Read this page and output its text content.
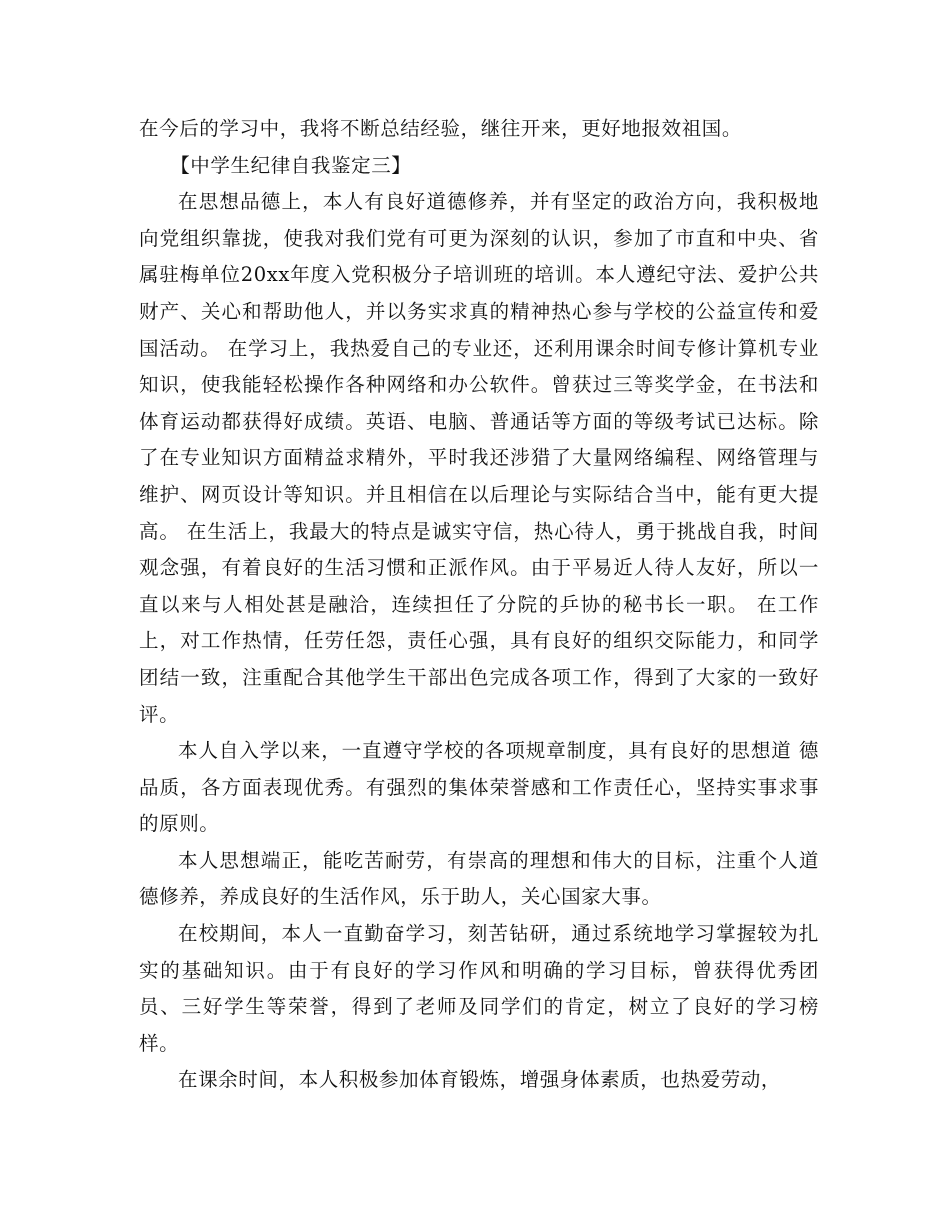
在今后的学习中，我将不断总结经验，继往开来，更好地报效祖国。

【中学生纪律自我鉴定三】

在思想品德上，本人有良好道德修养，并有坚定的政治方向，我积极地向党组织靠拢，使我对我们党有可更为深刻的认识，参加了市直和中央、省属驻梅单位20xx年度入党积极分子培训班的培训。本人遵纪守法、爱护公共财产、关心和帮助他人，并以务实求真的精神热心参与学校的公益宣传和爱国活动。 在学习上，我热爱自己的专业还，还利用课余时间专修计算机专业知识，使我能轻松操作各种网络和办公软件。曾获过三等奖学金，在书法和体育运动都获得好成绩。英语、电脑、普通话等方面的等级考试已达标。除了在专业知识方面精益求精外，平时我还涉猎了大量网络编程、网络管理与维护、网页设计等知识。并且相信在以后理论与实际结合当中，能有更大提高。 在生活上，我最大的特点是诚实守信，热心待人，勇于挑战自我，时间观念强，有着良好的生活习惯和正派作风。由于平易近人待人友好，所以一直以来与人相处甚是融洽，连续担任了分院的乒协的秘书长一职。 在工作上，对工作热情，任劳任怨，责任心强，具有良好的组织交际能力，和同学团结一致，注重配合其他学生干部出色完成各项工作，得到了大家的一致好评。

本人自入学以来，一直遵守学校的各项规章制度，具有良好的思想道 德品质，各方面表现优秀。有强烈的集体荣誉感和工作责任心，坚持实事求事的原则。

本人思想端正，能吃苦耐劳，有崇高的理想和伟大的目标，注重个人道德修养，养成良好的生活作风，乐于助人，关心国家大事。

在校期间，本人一直勤奋学习，刻苦钻研，通过系统地学习掌握较为扎实的基础知识。由于有良好的学习作风和明确的学习目标，曾获得优秀团员、三好学生等荣誉，得到了老师及同学们的肯定，树立了良好的学习榜样。

在课余时间，本人积极参加体育锻炼，增强身体素质，也热爱劳动，
